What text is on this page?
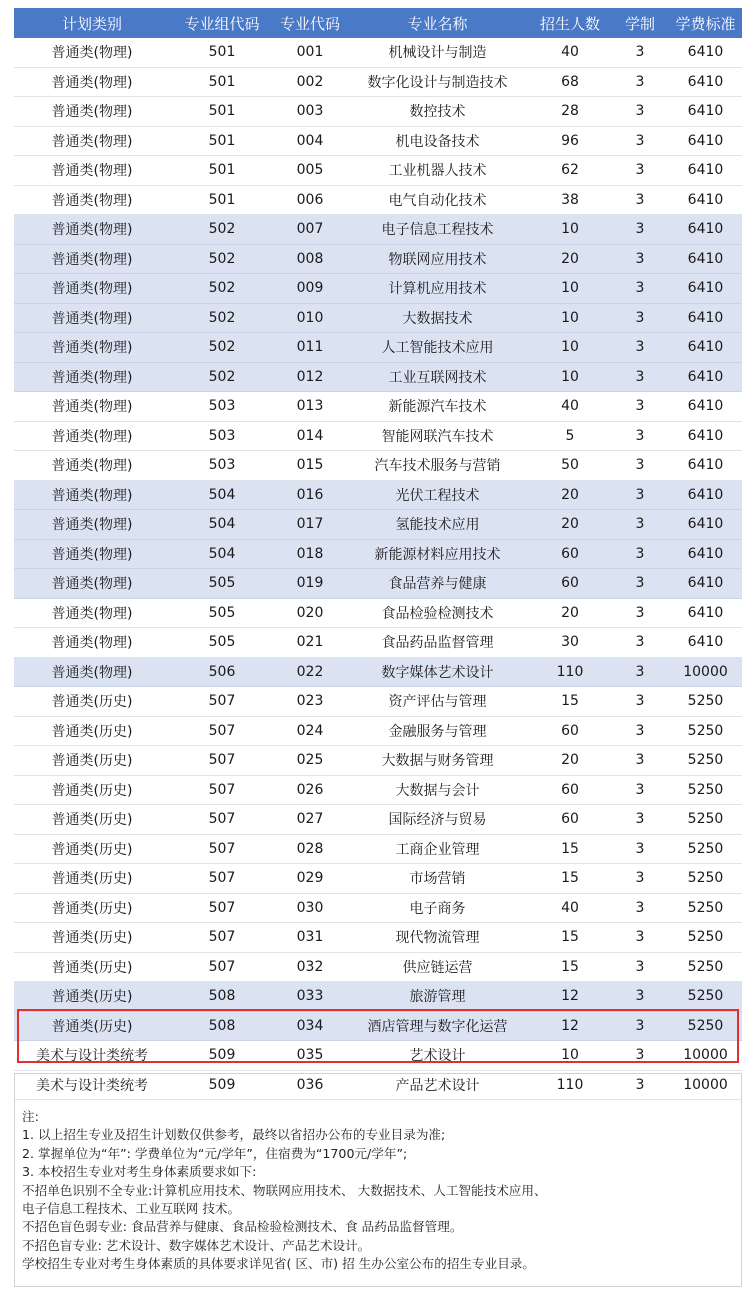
计划类别	专业组代码	专业代码	专业名称	招生人数	学制	学费标准
普通类(物理)	501	001	机械设计与制造	40	3	6410
普通类(物理)	501	002	数字化设计与制造技术	68	3	6410
普通类(物理)	501	003	数控技术	28	3	6410
普通类(物理)	501	004	机电设备技术	96	3	6410
普通类(物理)	501	005	工业机器人技术	62	3	6410
普通类(物理)	501	006	电气自动化技术	38	3	6410
普通类(物理)	502	007	电子信息工程技术	10	3	6410
普通类(物理)	502	008	物联网应用技术	20	3	6410
普通类(物理)	502	009	计算机应用技术	10	3	6410
普通类(物理)	502	010	大数据技术	10	3	6410
普通类(物理)	502	011	人工智能技术应用	10	3	6410
普通类(物理)	502	012	工业互联网技术	10	3	6410
普通类(物理)	503	013	新能源汽车技术	40	3	6410
普通类(物理)	503	014	智能网联汽车技术	5	3	6410
普通类(物理)	503	015	汽车技术服务与营销	50	3	6410
普通类(物理)	504	016	光伏工程技术	20	3	6410
普通类(物理)	504	017	氢能技术应用	20	3	6410
普通类(物理)	504	018	新能源材料应用技术	60	3	6410
普通类(物理)	505	019	食品营养与健康	60	3	6410
普通类(物理)	505	020	食品检验检测技术	20	3	6410
普通类(物理)	505	021	食品药品监督管理	30	3	6410
普通类(物理)	506	022	数字媒体艺术设计	110	3	10000
普通类(历史)	507	023	资产评估与管理	15	3	5250
普通类(历史)	507	024	金融服务与管理	60	3	5250
普通类(历史)	507	025	大数据与财务管理	20	3	5250
普通类(历史)	507	026	大数据与会计	60	3	5250
普通类(历史)	507	027	国际经济与贸易	60	3	5250
普通类(历史)	507	028	工商企业管理	15	3	5250
普通类(历史)	507	029	市场营销	15	3	5250
普通类(历史)	507	030	电子商务	40	3	5250
普通类(历史)	507	031	现代物流管理	15	3	5250
普通类(历史)	507	032	供应链运营	15	3	5250
普通类(历史)	508	033	旅游管理	12	3	5250
普通类(历史)	508	034	酒店管理与数字化运营	12	3	5250
美术与设计类统考	509	035	艺术设计	10	3	10000
美术与设计类统考	509	036	产品艺术设计	110	3	10000
注:
1. 以上招生专业及招生计划数仅供参考，最终以省招办公布的专业目录为准;
2. 掌握单位为“年”: 学费单位为“元/学年”，住宿费为“1700元/学年”;
3. 本校招生专业对考生身体素质要求如下:
不招单色识别不全专业:计算机应用技术、物联网应用技术、 大数据技术、人工智能技术应用、
电子信息工程技术、工业互联网 技术。
不招色盲色弱专业: 食品营养与健康、食品检验检测技术、食 品药品监督管理。
不招色盲专业: 艺术设计、数字媒体艺术设计、产品艺术设计。
学校招生专业对考生身体素质的具体要求详见省( 区、市) 招 生办公室公布的招生专业目录。
